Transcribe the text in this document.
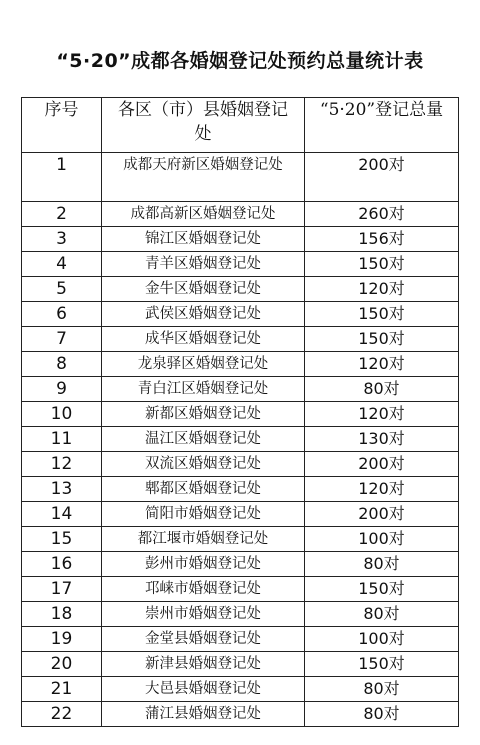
“5·20”成都各婚姻登记处预约总量统计表
序号	各区（市）县婚姻登记处	“5·20”登记总量
1	成都天府新区婚姻登记处	200对
2	成都高新区婚姻登记处	260对
3	锦江区婚姻登记处	156对
4	青羊区婚姻登记处	150对
5	金牛区婚姻登记处	120对
6	武侯区婚姻登记处	150对
7	成华区婚姻登记处	150对
8	龙泉驿区婚姻登记处	120对
9	青白江区婚姻登记处	80对
10	新都区婚姻登记处	120对
11	温江区婚姻登记处	130对
12	双流区婚姻登记处	200对
13	郫都区婚姻登记处	120对
14	简阳市婚姻登记处	200对
15	都江堰市婚姻登记处	100对
16	彭州市婚姻登记处	80对
17	邛崃市婚姻登记处	150对
18	崇州市婚姻登记处	80对
19	金堂县婚姻登记处	100对
20	新津县婚姻登记处	150对
21	大邑县婚姻登记处	80对
22	蒲江县婚姻登记处	80对
